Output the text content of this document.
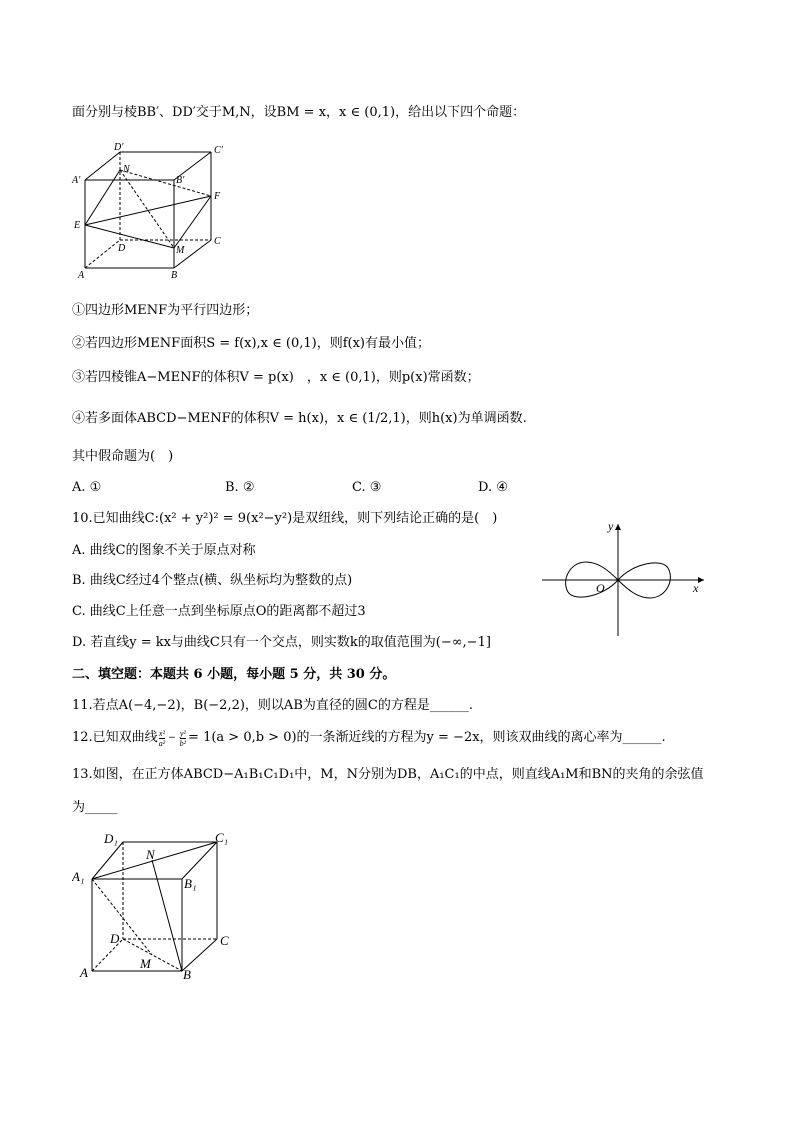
面分别与棱BB′、DD′交于M,N，设BM = x，x ∈ (0,1)，给出以下四个命题：
D′	C′
N
A′	B′
F
E
D	M
C
A	B
①四边形MENF为平行四边形；
②若四边形MENF面积S = f(x),x ∈ (0,1)，则f(x)有最小值；
③若四棱锥A−MENF的体积V = p(x)　，x ∈ (0,1)，则p(x)常函数；
④若多面体ABCD−MENF的体积V = h(x)，x ∈ (1/2,1)，则h(x)为单调函数.
其中假命题为(　)
A. ①	B. ②	C. ③	D. ④
10.已知曲线C:(x² + y²)² = 9(x²−y²)是双纽线，则下列结论正确的是(　)
A. 曲线C的图象不关于原点对称
B. 曲线C经过4个整点(横、纵坐标均为整数的点)
C. 曲线C上任意一点到坐标原点O的距离都不超过3
D. 若直线y = kx与曲线C只有一个交点，则实数k的取值范围为(−∞,−1]
y
x
O
二、填空题：本题共 6 小题，每小题 5 分，共 30 分。
11.若点A(−4,−2)，B(−2,2)，则以AB为直径的圆C的方程是______.
12.已知双曲线 $\frac{\text{x²}}{\text{a²}} - \frac{\text{y²}}{\text{b²}} = 1(a > 0,b > 0)$的一条渐近线的方程为y = −2x，则该双曲线的离心率为______.
13.如图，在正方体ABCD−A₁B₁C₁D₁中，M，N分别为DB，A₁C₁的中点，则直线A₁M和BN的夹角的余弦值
为_____
D₁	C₁
N
A₁	B₁
D	C
M
A	B
